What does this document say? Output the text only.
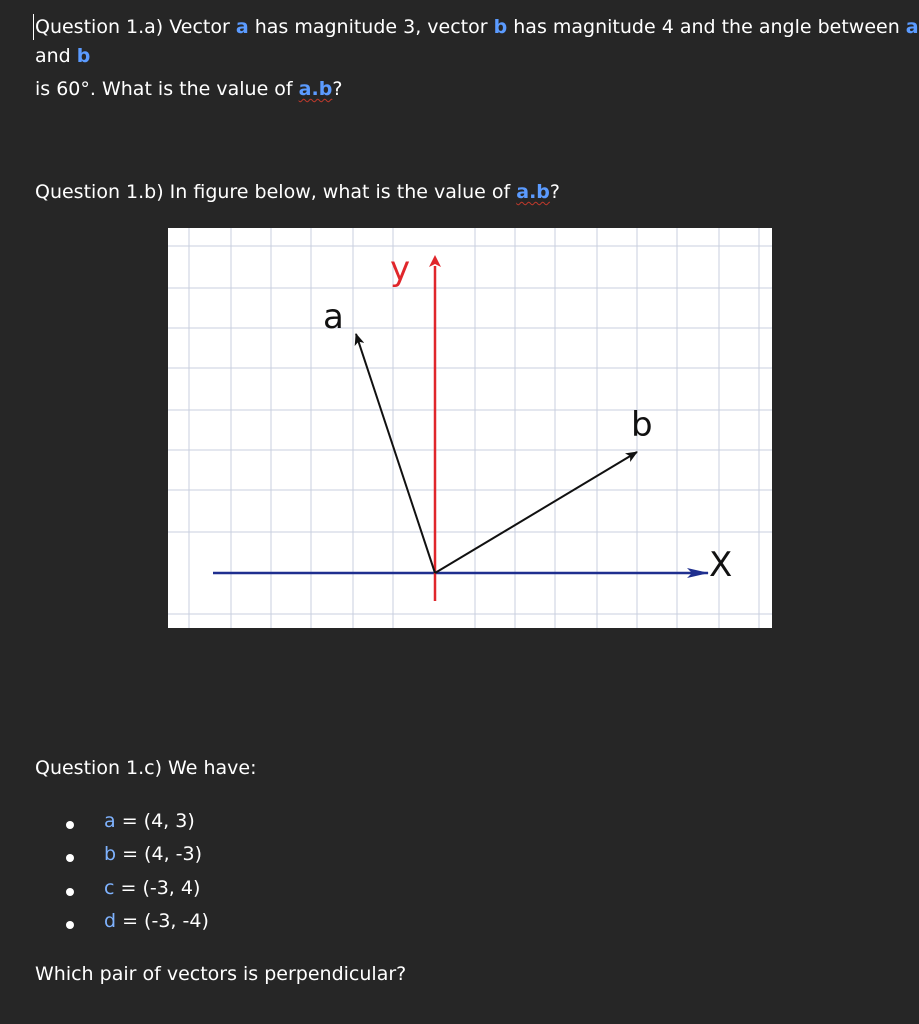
Question 1.a) Vector a has magnitude 3, vector b has magnitude 4 and the angle between a
and b
is 60°. What is the value of a.b?
Question 1.b) In figure below, what is the value of a.b?
a
b
X
y
Question 1.c) We have:
a = (4, 3)
b = (4, -3)
c = (-3, 4)
d = (-3, -4)
Which pair of vectors is perpendicular?
